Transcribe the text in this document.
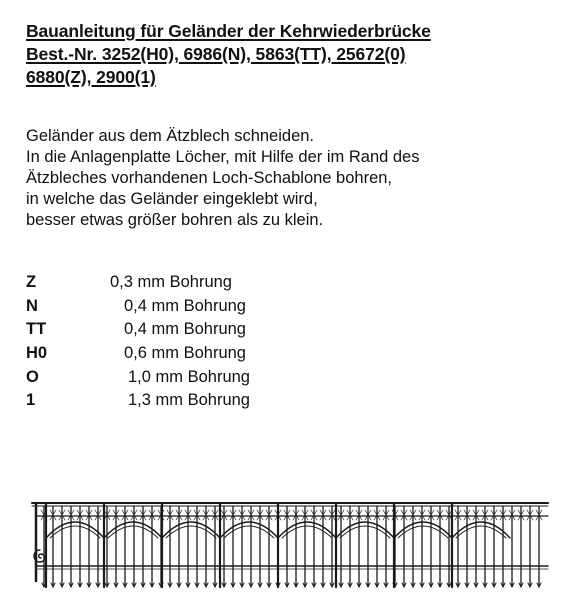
Bauanleitung für Geländer der Kehrwiederbrücke
Best.-Nr. 3252(H0), 6986(N), 5863(TT), 25672(0)
6880(Z), 2900(1)
Geländer aus dem Ätzblech schneiden.
In die Anlagenplatte Löcher, mit Hilfe der im Rand des
Ätzbleches vorhandenen Loch-Schablone bohren,
in welche das Geländer eingeklebt wird,
besser etwas größer bohren als zu klein.
Z	0,3 mm Bohrung
N	0,4 mm Bohrung
TT	0,4 mm Bohrung
H0	0,6 mm Bohrung
O	1,0 mm Bohrung
1	1,3 mm Bohrung
